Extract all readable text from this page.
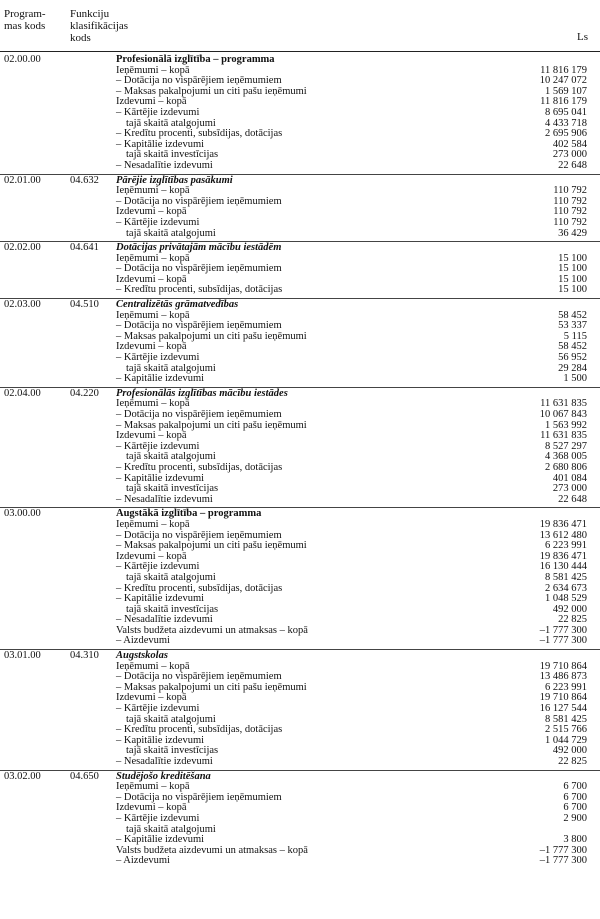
Program-
mas kods
Funkciju
klasifikācijas
kods	Ls
02.00.00	Profesionālā izglītība – programma
Ieņēmumi – kopā	11 816 179
– Dotācija no vispārējiem ieņēmumiem	10 247 072
– Maksas pakalpojumi un citi pašu ieņēmumi	1 569 107
Izdevumi – kopā	11 816 179
– Kārtējie izdevumi	8 695 041
tajā skaitā atalgojumi	4 433 718
– Kredītu procenti, subsīdijas, dotācijas	2 695 906
– Kapitālie izdevumi	402 584
tajā skaitā investīcijas	273 000
– Nesadalītie izdevumi	22 648
02.01.00	04.632 Pārējie izglītības pasākumi
Ieņēmumi – kopā	110 792
– Dotācija no vispārējiem ieņēmumiem	110 792
Izdevumi – kopā	110 792
– Kārtējie izdevumi	110 792
tajā skaitā atalgojumi	36 429
02.02.00	04.641 Dotācijas privātajām mācību iestādēm
Ieņēmumi – kopā	15 100
– Dotācija no vispārējiem ieņēmumiem	15 100
Izdevumi – kopā	15 100
– Kredītu procenti, subsīdijas, dotācijas	15 100
02.03.00	04.510 Centralizētās grāmatvedības
Ieņēmumi – kopā	58 452
– Dotācija no vispārējiem ieņēmumiem	53 337
– Maksas pakalpojumi un citi pašu ieņēmumi	5 115
Izdevumi – kopā	58 452
– Kārtējie izdevumi	56 952
tajā skaitā atalgojumi	29 284
– Kapitālie izdevumi	1 500
02.04.00	04.220 Profesionālās izglītības mācību iestādes
Ieņēmumi – kopā	11 631 835
– Dotācija no vispārējiem ieņēmumiem	10 067 843
– Maksas pakalpojumi un citi pašu ieņēmumi	1 563 992
Izdevumi – kopā	11 631 835
– Kārtējie izdevumi	8 527 297
tajā skaitā atalgojumi	4 368 005
– Kredītu procenti, subsīdijas, dotācijas	2 680 806
– Kapitālie izdevumi	401 084
tajā skaitā investīcijas	273 000
– Nesadalītie izdevumi	22 648
03.00.00	Augstākā izglītība – programma
Ieņēmumi – kopā	19 836 471
– Dotācija no vispārējiem ieņēmumiem	13 612 480
– Maksas pakalpojumi un citi pašu ieņēmumi	6 223 991
Izdevumi – kopā	19 836 471
– Kārtējie izdevumi	16 130 444
tajā skaitā atalgojumi	8 581 425
– Kredītu procenti, subsīdijas, dotācijas	2 634 673
– Kapitālie izdevumi	1 048 529
tajā skaitā investīcijas	492 000
– Nesadalītie izdevumi	22 825
Valsts budžeta aizdevumi un atmaksas – kopā	–1 777 300
– Aizdevumi	–1 777 300
03.01.00	04.310 Augstskolas
Ieņēmumi – kopā	19 710 864
– Dotācija no vispārējiem ieņēmumiem	13 486 873
– Maksas pakalpojumi un citi pašu ieņēmumi	6 223 991
Izdevumi – kopā	19 710 864
– Kārtējie izdevumi	16 127 544
tajā skaitā atalgojumi	8 581 425
– Kredītu procenti, subsīdijas, dotācijas	2 515 766
– Kapitālie izdevumi	1 044 729
tajā skaitā investīcijas	492 000
– Nesadalītie izdevumi	22 825
03.02.00	04.650 Studējošo kreditēšana
Ieņēmumi – kopā	6 700
– Dotācija no vispārējiem ieņēmumiem	6 700
Izdevumi – kopā	6 700
– Kārtējie izdevumi	2 900
tajā skaitā atalgojumi
– Kapitālie izdevumi	3 800
Valsts budžeta aizdevumi un atmaksas – kopā	–1 777 300
– Aizdevumi	–1 777 300
